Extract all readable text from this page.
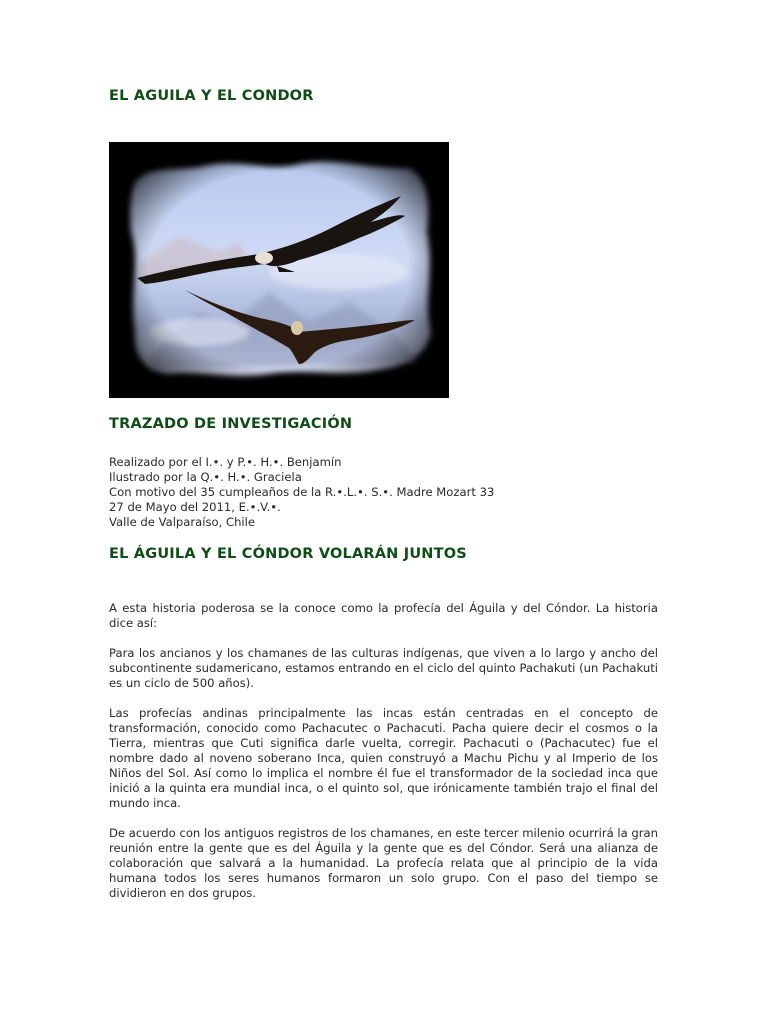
EL AGUILA Y EL CONDOR
TRAZADO DE INVESTIGACIÓN
Realizado por el I.•. y P.•. H.•. Benjamín
Ilustrado por la Q.•. H.•. Graciela
Con motivo del 35 cumpleaños de la R.•.L.•. S.•. Madre Mozart 33
27 de Mayo del 2011, E.•.V.•.
Valle de Valparaíso, Chile
EL ÁGUILA Y EL CÓNDOR VOLARÁN JUNTOS

A esta historia poderosa se la conoce como la profecía del Águila y del Cóndor. La historia dice así:

Para los ancianos y los chamanes de las culturas indígenas, que viven a lo largo y ancho del subcontinente sudamericano, estamos entrando en el ciclo del quinto Pachakuti (un Pachakuti es un ciclo de 500 años).

Las profecías andinas principalmente las incas están centradas en el concepto de transformación, conocido como Pachacutec o Pachacuti. Pacha quiere decir el cosmos o la Tierra, mientras que Cuti significa darle vuelta, corregir. Pachacuti o (Pachacutec) fue el nombre dado al noveno soberano Inca, quien construyó a Machu Pichu y al Imperio de los Niños del Sol. Así como lo implica el nombre él fue el transformador de la sociedad inca que inició a la quinta era mundial inca, o el quinto sol, que irónicamente también trajo el final del mundo inca.

De acuerdo con los antiguos registros de los chamanes, en este tercer milenio ocurrirá la gran reunión entre la gente que es del Águila y la gente que es del Cóndor. Será una alianza de colaboración que salvará a la humanidad. La profecía relata que al principio de la vida humana todos los seres humanos formaron un solo grupo. Con el paso del tiempo se dividieron en dos grupos.
